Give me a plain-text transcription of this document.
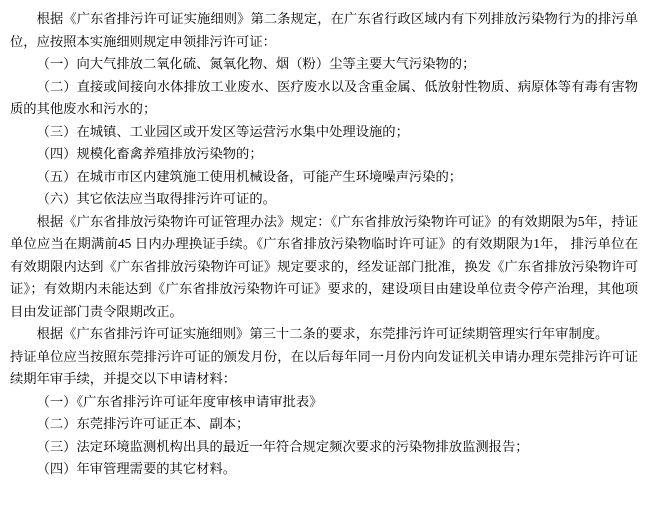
根据《广东省排污许可证实施细则》第二条规定，在广东省行政区域内有下列排放污染物行为的排污单位，应按照本实施细则规定申领排污许可证：

（一）向大气排放二氧化硫、氮氧化物、烟（粉）尘等主要大气污染物的；

（二）直接或间接向水体排放工业废水、医疗废水以及含重金属、低放射性物质、病原体等有毒有害物质的其他废水和污水的；

（三）在城镇、工业园区或开发区等运营污水集中处理设施的；

（四）规模化畜禽养殖排放污染物的；

（五）在城市市区内建筑施工使用机械设备，可能产生环境噪声污染的；

（六）其它依法应当取得排污许可证的。

根据《广东省排放污染物许可证管理办法》规定：《广东省排放污染物许可证》的有效期限为5年，持证单位应当在期满前45 日内办理换证手续。《广东省排放污染物临时许可证》的有效期限为1年， 排污单位在有效期限内达到《广东省排放污染物许可证》规定要求的，经发证部门批准，换发《广东省排放污染物许可证》；有效期内未能达到《广东省排放污染物许可证》要求的，建设项目由建设单位责令停产治理，其他项目由发证部门责令限期改正。

根据《广东省排污许可证实施细则》第三十二条的要求，东莞排污许可证续期管理实行年审制度。

持证单位应当按照东莞排污许可证的颁发月份，在以后每年同一月份内向发证机关申请办理东莞排污许可证续期年审手续，并提交以下申请材料：

（一）《广东省排污许可证年度审核申请审批表》

（二）东莞排污许可证正本、副本；

（三）法定环境监测机构出具的最近一年符合规定频次要求的污染物排放监测报告；

（四）年审管理需要的其它材料。
